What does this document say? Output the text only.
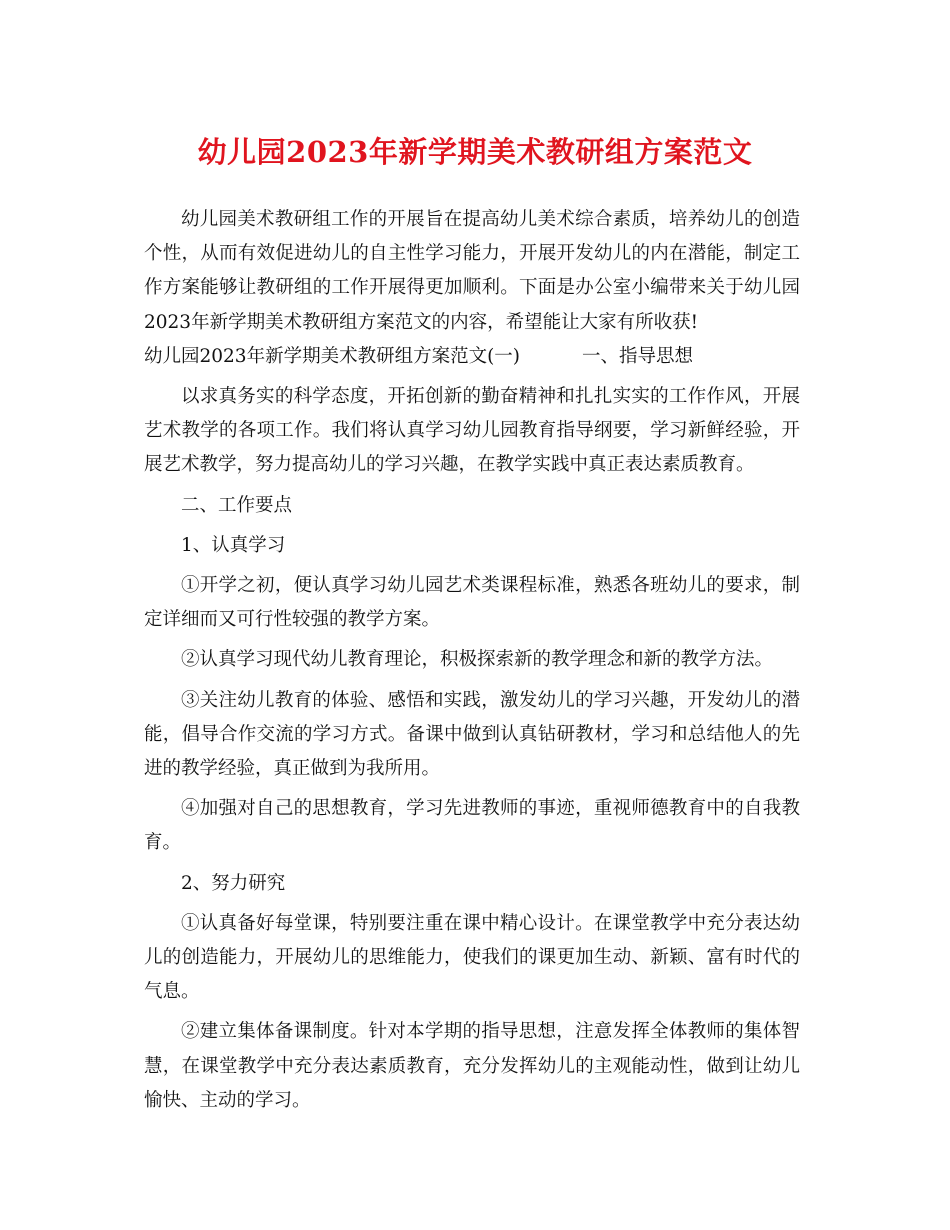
幼儿园2023年新学期美术教研组方案范文

幼儿园美术教研组工作的开展旨在提高幼儿美术综合素质，培养幼儿的创造个性，从而有效促进幼儿的自主性学习能力，开展开发幼儿的内在潜能，制定工作方案能够让教研组的工作开展得更加顺利。下面是办公室小编带来关于幼儿园2023年新学期美术教研组方案范文的内容，希望能让大家有所收获!

幼儿园2023年新学期美术教研组方案范文(一)	一、指导思想

以求真务实的科学态度，开拓创新的勤奋精神和扎扎实实的工作作风，开展艺术教学的各项工作。我们将认真学习幼儿园教育指导纲要，学习新鲜经验，开展艺术教学，努力提高幼儿的学习兴趣，在教学实践中真正表达素质教育。

二、工作要点

1、认真学习

①开学之初，便认真学习幼儿园艺术类课程标准，熟悉各班幼儿的要求，制定详细而又可行性较强的教学方案。

②认真学习现代幼儿教育理论，积极探索新的教学理念和新的教学方法。

③关注幼儿教育的体验、感悟和实践，激发幼儿的学习兴趣，开发幼儿的潜能，倡导合作交流的学习方式。备课中做到认真钻研教材，学习和总结他人的先进的教学经验，真正做到为我所用。

④加强对自己的思想教育，学习先进教师的事迹，重视师德教育中的自我教育。

2、努力研究

①认真备好每堂课，特别要注重在课中精心设计。在课堂教学中充分表达幼儿的创造能力，开展幼儿的思维能力，使我们的课更加生动、新颖、富有时代的气息。

②建立集体备课制度。针对本学期的指导思想，注意发挥全体教师的集体智慧，在课堂教学中充分表达素质教育，充分发挥幼儿的主观能动性，做到让幼儿愉快、主动的学习。
